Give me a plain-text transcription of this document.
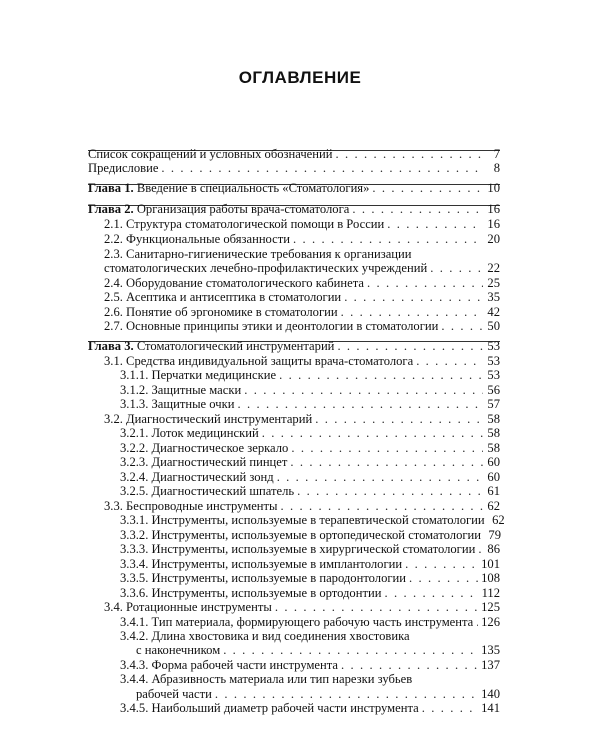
ОГЛАВЛЕНИЕ
Список сокращений и условных обозначений . . .	7
Предисловие . . .	8
Глава 1. Введение в специальность «Стоматология» . . .	10
Глава 2. Организация работы врача-стоматолога . . .	16
2.1. Структура стоматологической помощи в России . . .	16
2.2. Функциональные обязанности . . .	20
2.3. Санитарно-гигиенические требования к организации
стоматологических лечебно-профилактических учреждений . . .	22
2.4. Оборудование стоматологического кабинета . . .	25
2.5. Асептика и антисептика в стоматологии . . .	35
2.6. Понятие об эргономике в стоматологии . . .	42
2.7. Основные принципы этики и деонтологии в стоматологии . . .	50
Глава 3. Стоматологический инструментарий . . .	53
3.1. Средства индивидуальной защиты врача-стоматолога . . .	53
3.1.1. Перчатки медицинские . . .	53
3.1.2. Защитные маски . . .	56
3.1.3. Защитные очки . . .	57
3.2. Диагностический инструментарий . . .	58
3.2.1. Лоток медицинский . . .	58
3.2.2. Диагностическое зеркало . . .	58
3.2.3. Диагностический пинцет . . .	60
3.2.4. Диагностический зонд . . .	60
3.2.5. Диагностический шпатель . . .	61
3.3. Беспроводные инструменты . . .	62
3.3.1. Инструменты, используемые в терапевтической стоматологии 62
3.3.2. Инструменты, используемые в ортопедической стоматологии 79
3.3.3. Инструменты, используемые в хирургической стоматологии . . . 86
3.3.4. Инструменты, используемые в имплантологии . . .	101
3.3.5. Инструменты, используемые в пародонтологии . . .	108
3.3.6. Инструменты, используемые в ортодонтии . . .	112
3.4. Ротационные инструменты . . .	125
3.4.1. Тип материала, формирующего рабочую часть инструмента . . . 126
3.4.2. Длина хвостовика и вид соединения хвостовика
с наконечником . . .	135
3.4.3. Форма рабочей части инструмента . . .	137
3.4.4. Абразивность материала или тип нарезки зубьев
рабочей части . . .	140
3.4.5. Наибольший диаметр рабочей части инструмента . . .	141
